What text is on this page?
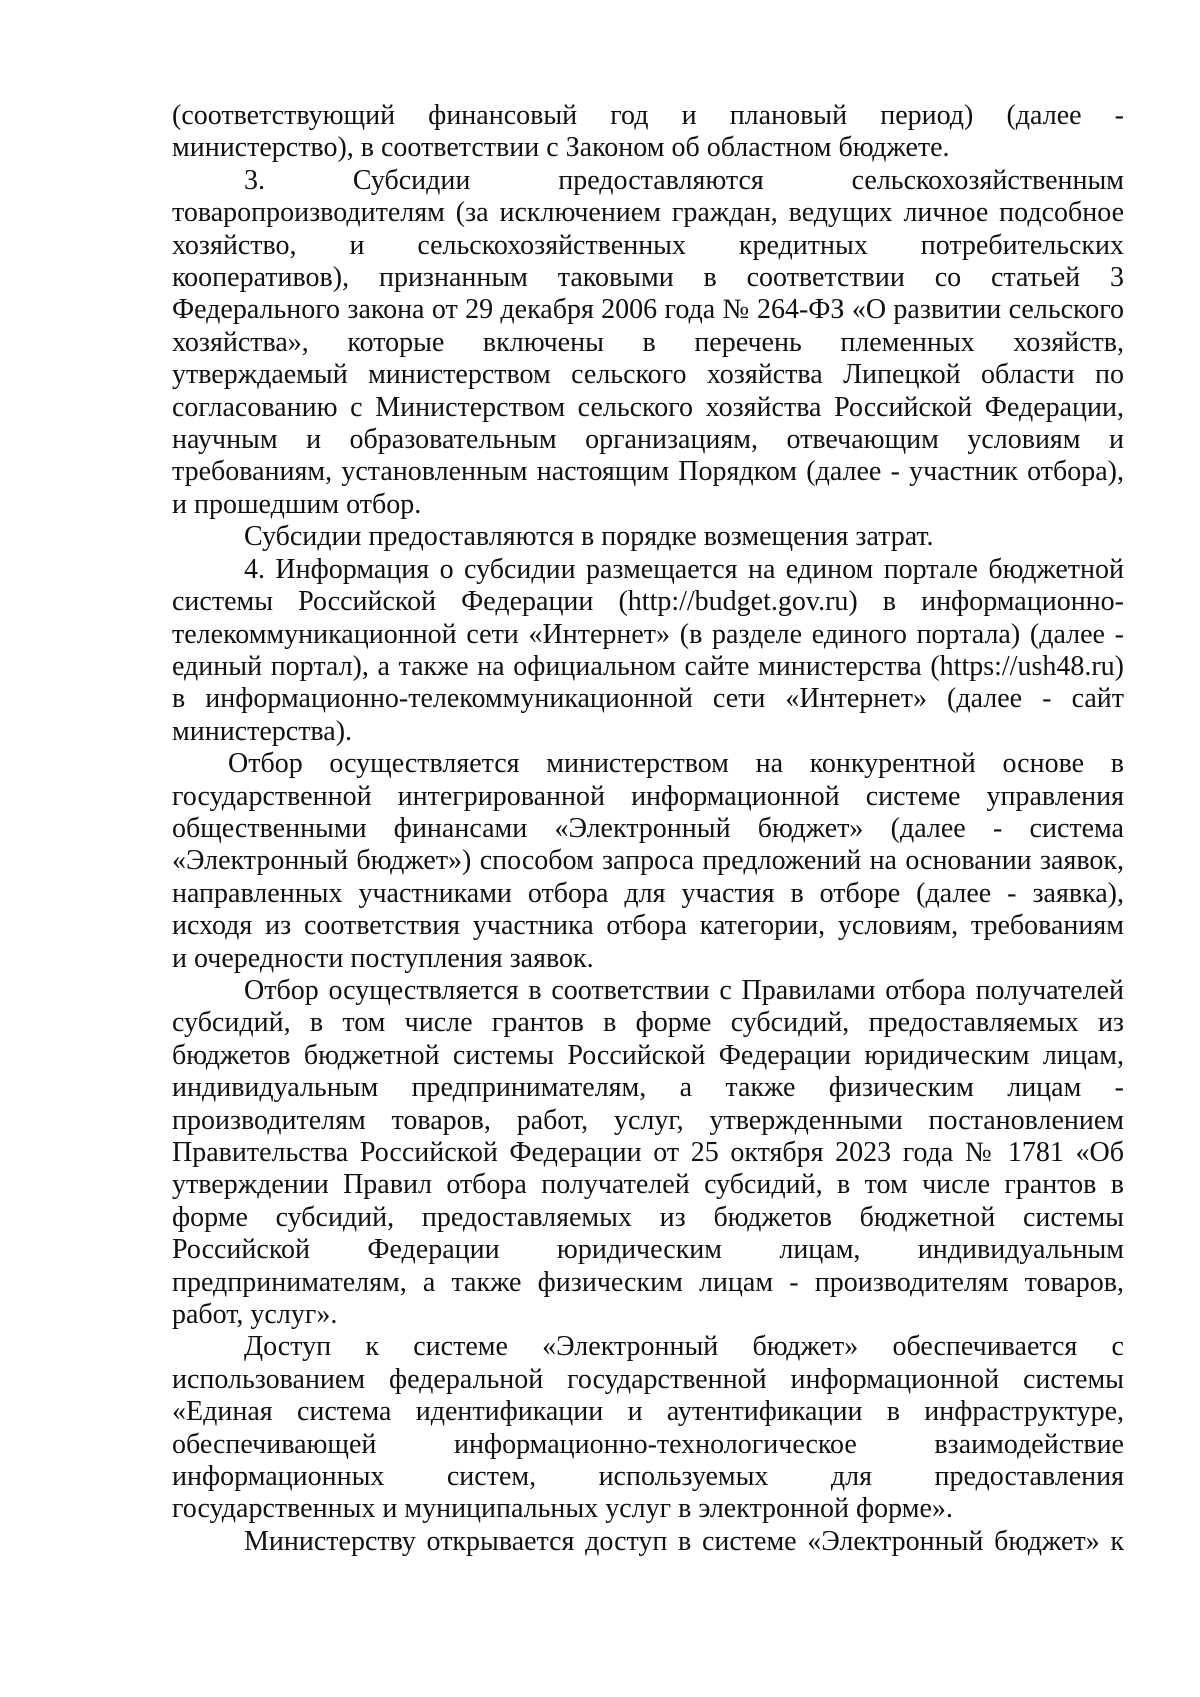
(соответствующий финансовый год и плановый период) (далее -
министерство), в соответствии с Законом об областном бюджете.
3. Субсидии предоставляются сельскохозяйственным
товаропроизводителям (за исключением граждан, ведущих личное подсобное
хозяйство, и сельскохозяйственных кредитных потребительских
кооперативов), признанным таковыми в соответствии со статьей 3
Федерального закона от 29 декабря 2006 года № 264-ФЗ «О развитии сельского
хозяйства», которые включены в перечень племенных хозяйств,
утверждаемый министерством сельского хозяйства Липецкой области по
согласованию с Министерством сельского хозяйства Российской Федерации,
научным и образовательным организациям, отвечающим условиям и
требованиям, установленным настоящим Порядком (далее - участник отбора),
и прошедшим отбор.
Субсидии предоставляются в порядке возмещения затрат.
4. Информация о субсидии размещается на едином портале бюджетной
системы Российской Федерации (http://budget.gov.ru) в информационно-
телекоммуникационной сети «Интернет» (в разделе единого портала) (далее -
единый портал), а также на официальном сайте министерства (https://ush48.ru)
в информационно-телекоммуникационной сети «Интернет» (далее - сайт
министерства).
Отбор осуществляется министерством на конкурентной основе в
государственной интегрированной информационной системе управления
общественными финансами «Электронный бюджет» (далее - система
«Электронный бюджет») способом запроса предложений на основании заявок,
направленных участниками отбора для участия в отборе (далее - заявка),
исходя из соответствия участника отбора категории, условиям, требованиям
и очередности поступления заявок.
Отбор осуществляется в соответствии с Правилами отбора получателей
субсидий, в том числе грантов в форме субсидий, предоставляемых из
бюджетов бюджетной системы Российской Федерации юридическим лицам,
индивидуальным предпринимателям, а также физическим лицам -
производителям товаров, работ, услуг, утвержденными постановлением
Правительства Российской Федерации от 25 октября 2023 года № 1781 «Об
утверждении Правил отбора получателей субсидий, в том числе грантов в
форме субсидий, предоставляемых из бюджетов бюджетной системы
Российской Федерации юридическим лицам, индивидуальным
предпринимателям, а также физическим лицам - производителям товаров,
работ, услуг».
Доступ к системе «Электронный бюджет» обеспечивается с
использованием федеральной государственной информационной системы
«Единая система идентификации и аутентификации в инфраструктуре,
обеспечивающей информационно-технологическое взаимодействие
информационных систем, используемых для предоставления
государственных и муниципальных услуг в электронной форме».
Министерству открывается доступ в системе «Электронный бюджет» к
